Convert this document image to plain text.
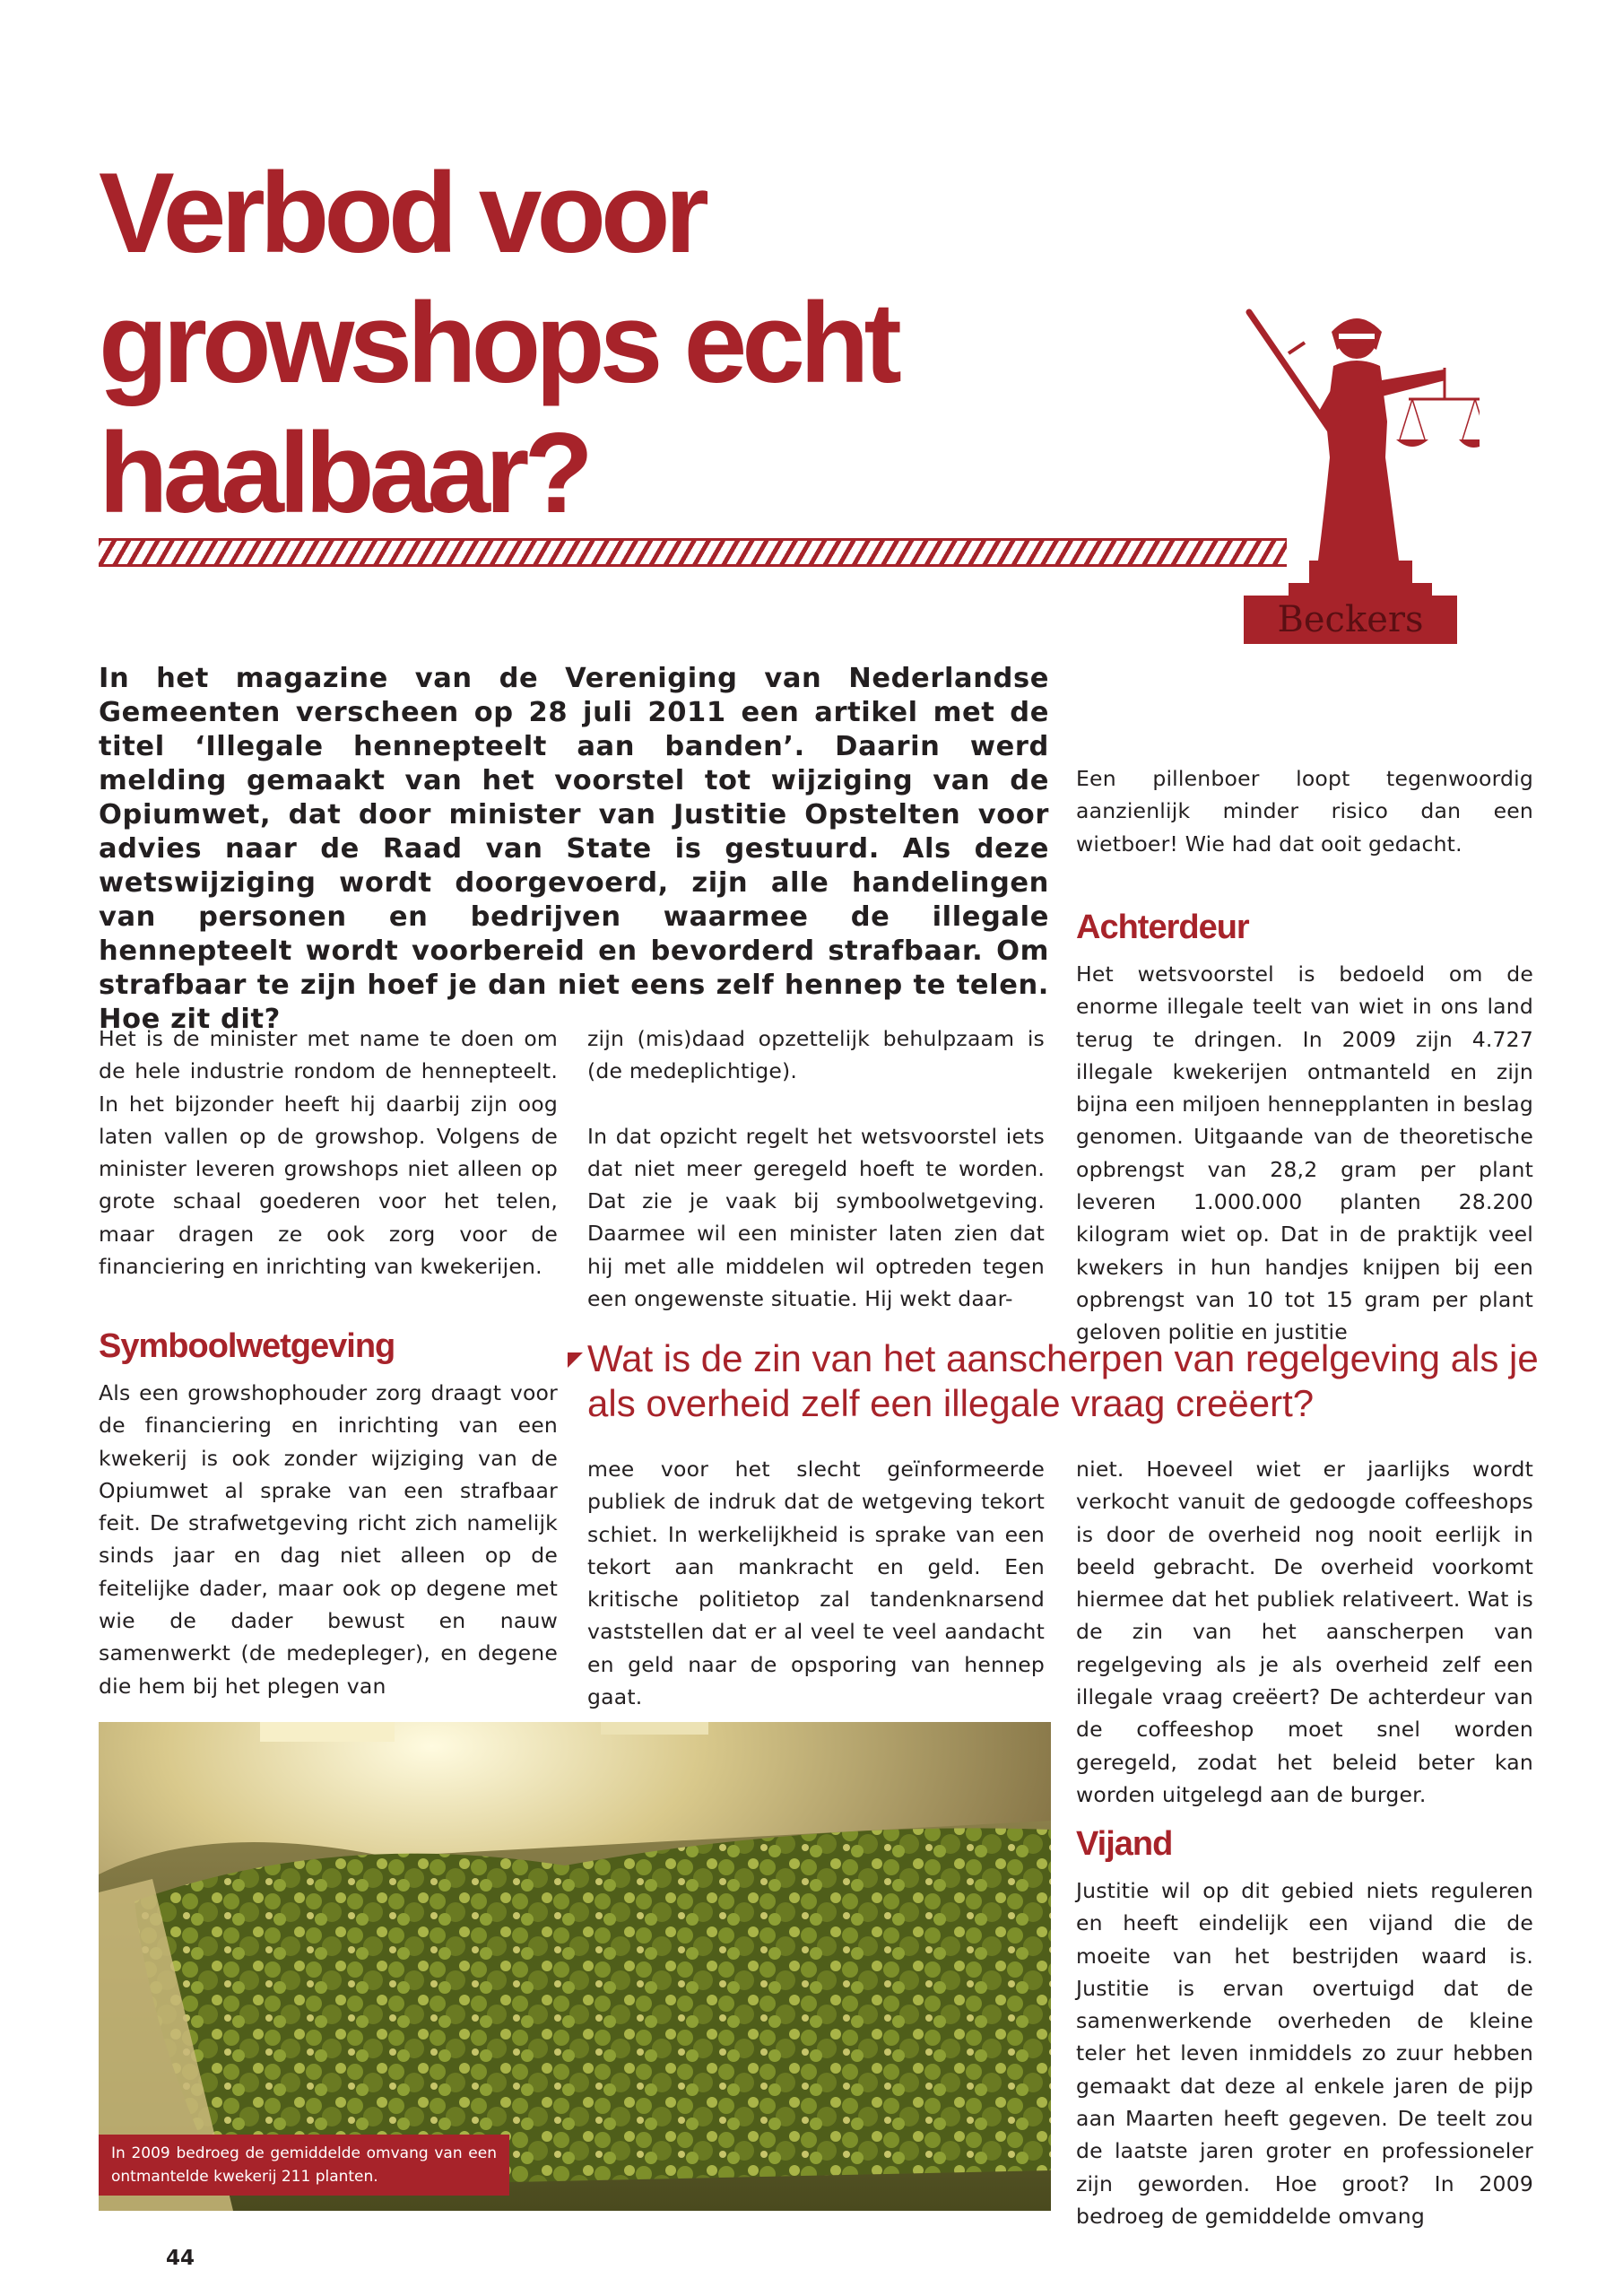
Verbod voor
growshops echt
haalbaar?
Beckers

In het magazine van de Vereniging van Nederlandse Gemeenten verscheen op 28 juli 2011 een artikel met de titel ‘Illegale hennepteelt aan banden’. Daarin werd melding gemaakt van het voorstel tot wijziging van de Opiumwet, dat door minister van Justitie Opstelten voor advies naar de Raad van State is gestuurd. Als deze wetswijziging wordt doorgevoerd, zijn alle handelingen van personen en bedrijven waarmee de illegale hennepteelt wordt voorbereid en bevorderd strafbaar. Om strafbaar te zijn hoef je dan niet eens zelf hennep te telen. Hoe zit dit?

Het is de minister met name te doen om de hele industrie rondom de hennepteelt. In het bijzonder heeft hij daarbij zijn oog laten vallen op de growshop. Volgens de minister leveren growshops niet alleen op grote schaal goederen voor het telen, maar dragen ze ook zorg voor de financiering en inrichting van kwekerijen.

Symboolwetgeving

Als een growshophouder zorg draagt voor de financiering en inrichting van een kwekerij is ook zonder wijziging van de Opiumwet al sprake van een strafbaar feit. De strafwetgeving richt zich namelijk sinds jaar en dag niet alleen op de feitelijke dader, maar ook op degene met wie de dader bewust en nauw samenwerkt (de medepleger), en degene die hem bij het plegen van

zijn (mis)daad opzettelijk behulpzaam is (de medeplichtige).

In dat opzicht regelt het wetsvoorstel iets dat niet meer geregeld hoeft te worden. Dat zie je vaak bij symboolwetgeving. Daarmee wil een minister laten zien dat hij met alle middelen wil optreden tegen een ongewenste situatie. Hij wekt daar-

mee voor het slecht geïnformeerde publiek de indruk dat de wetgeving tekort schiet. In werkelijkheid is sprake van een tekort aan mankracht en geld. Een kritische politietop zal tandenknarsend vaststellen dat er al veel te veel aandacht en geld naar de opsporing van hennep gaat.

Een pillenboer loopt tegenwoordig aanzienlijk minder risico dan een wietboer! Wie had dat ooit gedacht.

Achterdeur

Het wetsvoorstel is bedoeld om de enorme illegale teelt van wiet in ons land terug te dringen. In 2009 zijn 4.727 illegale kwekerijen ontmanteld en zijn bijna een miljoen hennepplanten in beslag genomen. Uitgaande van de theoretische opbrengst van 28,2 gram per plant leveren 1.000.000 planten 28.200 kilogram wiet op. Dat in de praktijk veel kwekers in hun handjes knijpen bij een opbrengst van 10 tot 15 gram per plant geloven politie en justitie

niet. Hoeveel wiet er jaarlijks wordt verkocht vanuit de gedoogde coffeeshops is door de overheid nog nooit eerlijk in beeld gebracht. De overheid voorkomt hiermee dat het publiek relativeert. Wat is de zin van het aanscherpen van regelgeving als je als overheid zelf een illegale vraag creëert? De achterdeur van de coffeeshop moet snel worden geregeld, zodat het beleid beter kan worden uitgelegd aan de burger.

Vijand

Justitie wil op dit gebied niets reguleren en heeft eindelijk een vijand die de moeite van het bestrijden waard is. Justitie is ervan overtuigd dat de samenwerkende overheden de kleine teler het leven inmiddels zo zuur hebben gemaakt dat deze al enkele jaren de pijp aan Maarten heeft gegeven. De teelt zou de laatste jaren groter en professioneler zijn geworden. Hoe groot? In 2009 bedroeg de gemiddelde omvang

Wat is de zin van het aanscherpen van regelgeving als je als overheid zelf een illegale vraag creëert?

In 2009 bedroeg de gemiddelde omvang van een ontmantelde kwekerij 211 planten.

44
